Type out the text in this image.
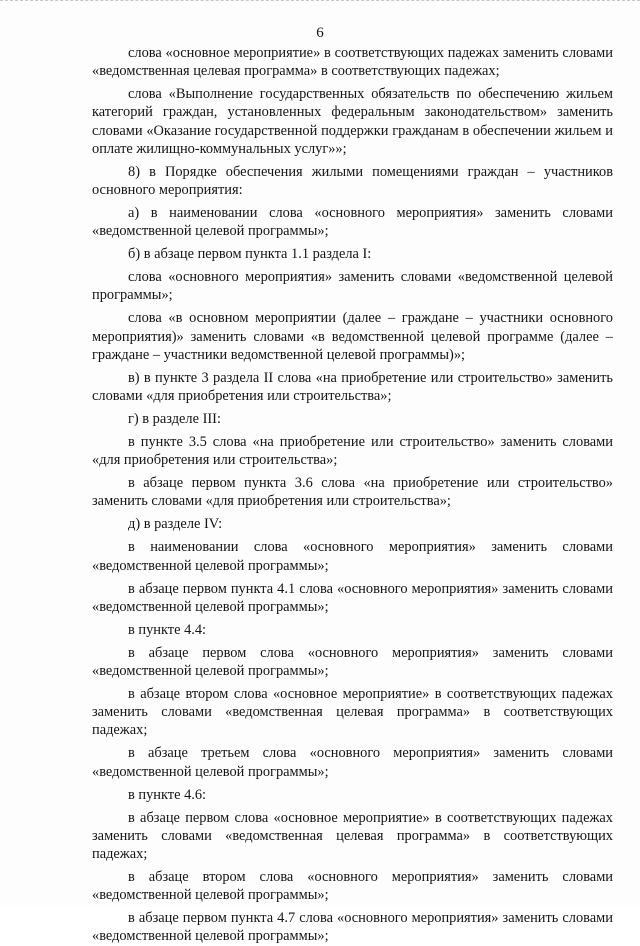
6

слова «основное мероприятие» в соответствующих падежах заменить словами «ведомственная целевая программа» в соответствующих падежах;

слова «Выполнение государственных обязательств по обеспечению жильем категорий граждан, установленных федеральным законодательством» заменить словами «Оказание государственной поддержки гражданам в обеспечении жильем и оплате жилищно-коммунальных услуг»»;

8) в Порядке обеспечения жилыми помещениями граждан – участников основного мероприятия:

а) в наименовании слова «основного мероприятия» заменить словами «ведомственной целевой программы»;

б) в абзаце первом пункта 1.1 раздела I:

слова «основного мероприятия» заменить словами «ведомственной целевой программы»;

слова «в основном мероприятии (далее – граждане – участники основного мероприятия)» заменить словами «в ведомственной целевой программе (далее – граждане – участники ведомственной целевой программы)»;

в) в пункте 3 раздела II слова «на приобретение или строительство» заменить словами «для приобретения или строительства»;

г) в разделе III:

в пункте 3.5 слова «на приобретение или строительство» заменить словами «для приобретения или строительства»;

в абзаце первом пункта 3.6 слова «на приобретение или строительство» заменить словами «для приобретения или строительства»;

д) в разделе IV:

в наименовании слова «основного мероприятия» заменить словами «ведомственной целевой программы»;

в абзаце первом пункта 4.1 слова «основного мероприятия» заменить словами «ведомственной целевой программы»;

в пункте 4.4:

в абзаце первом слова «основного мероприятия» заменить словами «ведомственной целевой программы»;

в абзаце втором слова «основное мероприятие» в соответствующих падежах заменить словами «ведомственная целевая программа» в соответствующих падежах;

в абзаце третьем слова «основного мероприятия» заменить словами «ведомственной целевой программы»;

в пункте 4.6:

в абзаце первом слова «основное мероприятие» в соответствующих падежах заменить словами «ведомственная целевая программа» в соответствующих падежах;

в абзаце втором слова «основного мероприятия» заменить словами «ведомственной целевой программы»;

в абзаце первом пункта 4.7 слова «основного мероприятия» заменить словами «ведомственной целевой программы»;
